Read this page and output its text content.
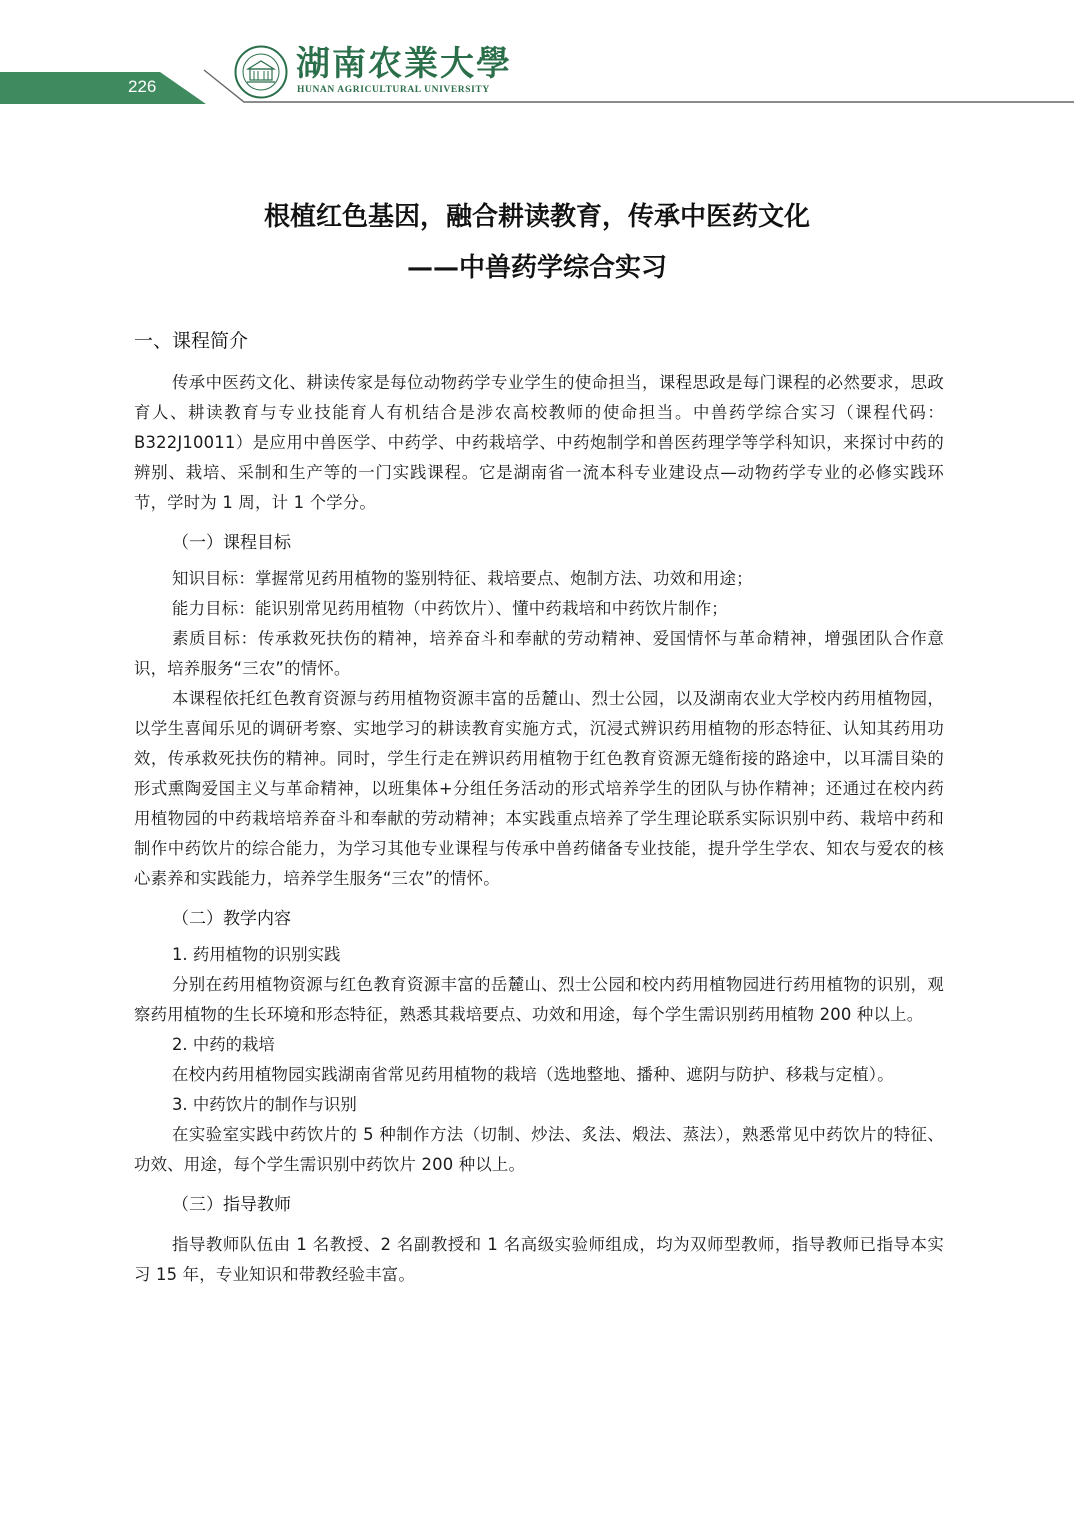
226
湖南农業大學
HUNAN AGRICULTURAL UNIVERSITY
根植红色基因，融合耕读教育，传承中医药文化
——中兽药学综合实习
一、课程简介

传承中医药文化、耕读传家是每位动物药学专业学生的使命担当，课程思政是每门课程的必然要求，思政育人、耕读教育与专业技能育人有机结合是涉农高校教师的使命担当。中兽药学综合实习（课程代码：B322J10011）是应用中兽医学、中药学、中药栽培学、中药炮制学和兽医药理学等学科知识，来探讨中药的辨别、栽培、采制和生产等的一门实践课程。它是湖南省一流本科专业建设点—动物药学专业的必修实践环节，学时为 1 周，计 1 个学分。

（一）课程目标

知识目标：掌握常见药用植物的鉴别特征、栽培要点、炮制方法、功效和用途；

能力目标：能识别常见药用植物（中药饮片）、懂中药栽培和中药饮片制作；

素质目标：传承救死扶伤的精神，培养奋斗和奉献的劳动精神、爱国情怀与革命精神，增强团队合作意识，培养服务“三农”的情怀。

本课程依托红色教育资源与药用植物资源丰富的岳麓山、烈士公园，以及湖南农业大学校内药用植物园，以学生喜闻乐见的调研考察、实地学习的耕读教育实施方式，沉浸式辨识药用植物的形态特征、认知其药用功效，传承救死扶伤的精神。同时，学生行走在辨识药用植物于红色教育资源无缝衔接的路途中，以耳濡目染的形式熏陶爱国主义与革命精神，以班集体+分组任务活动的形式培养学生的团队与协作精神；还通过在校内药用植物园的中药栽培培养奋斗和奉献的劳动精神；本实践重点培养了学生理论联系实际识别中药、栽培中药和制作中药饮片的综合能力，为学习其他专业课程与传承中兽药储备专业技能，提升学生学农、知农与爱农的核心素养和实践能力，培养学生服务“三农”的情怀。

（二）教学内容

1. 药用植物的识别实践

分别在药用植物资源与红色教育资源丰富的岳麓山、烈士公园和校内药用植物园进行药用植物的识别，观察药用植物的生长环境和形态特征，熟悉其栽培要点、功效和用途，每个学生需识别药用植物 200 种以上。

2. 中药的栽培

在校内药用植物园实践湖南省常见药用植物的栽培（选地整地、播种、遮阴与防护、移栽与定植）。

3. 中药饮片的制作与识别

在实验室实践中药饮片的 5 种制作方法（切制、炒法、炙法、煅法、蒸法），熟悉常见中药饮片的特征、功效、用途，每个学生需识别中药饮片 200 种以上。

（三）指导教师

指导教师队伍由 1 名教授、2 名副教授和 1 名高级实验师组成，均为双师型教师，指导教师已指导本实习 15 年，专业知识和带教经验丰富。
